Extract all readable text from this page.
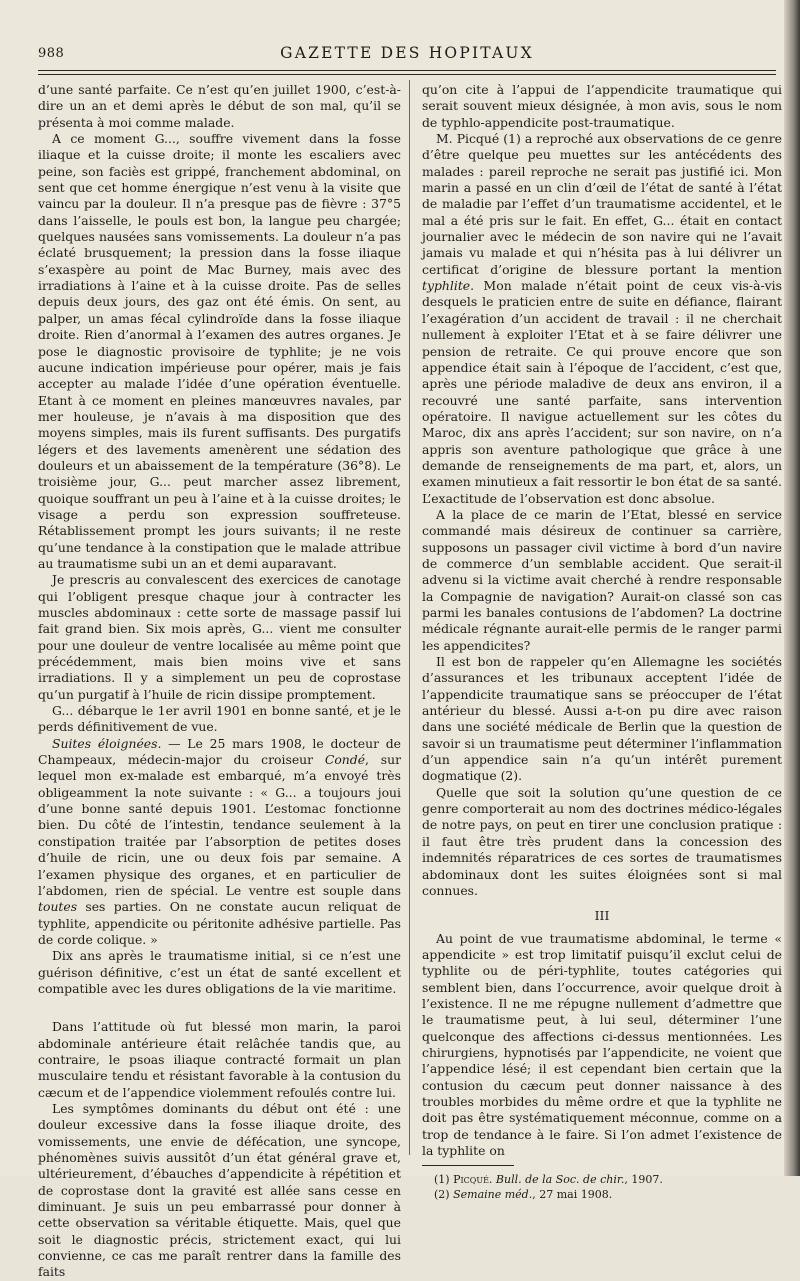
988	GAZETTE DES HOPITAUX

d’une santé parfaite. Ce n’est qu’en juillet 1900, c’est-à-dire un an et demi après le début de son mal, qu’il se présenta à moi comme malade.

A ce moment G..., souffre vivement dans la fosse iliaque et la cuisse droite; il monte les escaliers avec peine, son faciès est grippé, franchement abdominal, on sent que cet homme énergique n’est venu à la visite que vaincu par la douleur. Il n’a presque pas de fièvre : 37°5 dans l’aisselle, le pouls est bon, la langue peu chargée; quelques nausées sans vomissements. La douleur n’a pas éclaté brusquement; la pression dans la fosse iliaque s’exaspère au point de Mac Burney, mais avec des irradiations à l’aine et à la cuisse droite. Pas de selles depuis deux jours, des gaz ont été émis. On sent, au palper, un amas fécal cylindroïde dans la fosse iliaque droite. Rien d’anormal à l’examen des autres organes. Je pose le diagnostic provisoire de typhlite; je ne vois aucune indication impérieuse pour opérer, mais je fais accepter au malade l’idée d’une opération éventuelle. Etant à ce moment en pleines manœuvres navales, par mer houleuse, je n’avais à ma disposition que des moyens simples, mais ils furent suffisants. Des purgatifs légers et des lavements amenèrent une sédation des douleurs et un abaissement de la température (36°8). Le troisième jour, G... peut marcher assez librement, quoique souffrant un peu à l’aine et à la cuisse droites; le visage a perdu son expression souffreteuse. Rétablissement prompt les jours suivants; il ne reste qu’une tendance à la constipation que le malade attribue au traumatisme subi un an et demi auparavant.

Je prescris au convalescent des exercices de canotage qui l’obligent presque chaque jour à contracter les muscles abdominaux : cette sorte de massage passif lui fait grand bien. Six mois après, G... vient me consulter pour une douleur de ventre localisée au même point que précédemment, mais bien moins vive et sans irradiations. Il y a simplement un peu de coprostase qu’un purgatif à l’huile de ricin dissipe promptement.

G... débarque le 1er avril 1901 en bonne santé, et je le perds définitivement de vue.

Suites éloignées. — Le 25 mars 1908, le docteur de Champeaux, médecin-major du croiseur Condé, sur lequel mon ex-malade est embarqué, m’a envoyé très obligeamment la note suivante : « G... a toujours joui d’une bonne santé depuis 1901. L’estomac fonctionne bien. Du côté de l’intestin, tendance seulement à la constipation traitée par l’absorption de petites doses d’huile de ricin, une ou deux fois par semaine. A l’examen physique des organes, et en particulier de l’abdomen, rien de spécial. Le ventre est souple dans toutes ses parties. On ne constate aucun reliquat de typhlite, appendicite ou péritonite adhésive partielle. Pas de corde colique. »

Dix ans après le traumatisme initial, si ce n’est une guérison définitive, c’est un état de santé excellent et compatible avec les dures obligations de la vie maritime.

Dans l’attitude où fut blessé mon marin, la paroi abdominale antérieure était relâchée tandis que, au contraire, le psoas iliaque contracté formait un plan musculaire tendu et résistant favorable à la contusion du cæcum et de l’appendice violemment refoulés contre lui.

Les symptômes dominants du début ont été : une douleur excessive dans la fosse iliaque droite, des vomissements, une envie de défécation, une syncope, phénomènes suivis aussitôt d’un état général grave et, ultérieurement, d’ébauches d’appendicite à répétition et de coprostase dont la gravité est allée sans cesse en diminuant. Je suis un peu embarrassé pour donner à cette observation sa véritable étiquette. Mais, quel que soit le diagnostic précis, strictement exact, qui lui convienne, ce cas me paraît rentrer dans la famille des faits

qu’on cite à l’appui de l’appendicite traumatique qui serait souvent mieux désignée, à mon avis, sous le nom de typhlo-appendicite post-traumatique.

M. Picqué (1) a reproché aux observations de ce genre d’être quelque peu muettes sur les antécédents des malades : pareil reproche ne serait pas justifié ici. Mon marin a passé en un clin d’œil de l’état de santé à l’état de maladie par l’effet d’un traumatisme accidentel, et le mal a été pris sur le fait. En effet, G... était en contact journalier avec le médecin de son navire qui ne l’avait jamais vu malade et qui n’hésita pas à lui délivrer un certificat d’origine de blessure portant la mention typhlite. Mon malade n’était point de ceux vis-à-vis desquels le praticien entre de suite en défiance, flairant l’exagération d’un accident de travail : il ne cherchait nullement à exploiter l’Etat et à se faire délivrer une pension de retraite. Ce qui prouve encore que son appendice était sain à l’époque de l’accident, c’est que, après une période maladive de deux ans environ, il a recouvré une santé parfaite, sans intervention opératoire. Il navigue actuellement sur les côtes du Maroc, dix ans après l’accident; sur son navire, on n’a appris son aventure pathologique que grâce à une demande de renseignements de ma part, et, alors, un examen minutieux a fait ressortir le bon état de sa santé. L’exactitude de l’observation est donc absolue.

A la place de ce marin de l’Etat, blessé en service commandé mais désireux de continuer sa carrière, supposons un passager civil victime à bord d’un navire de commerce d’un semblable accident. Que serait-il advenu si la victime avait cherché à rendre responsable la Compagnie de navigation? Aurait-on classé son cas parmi les banales contusions de l’abdomen? La doctrine médicale régnante aurait-elle permis de le ranger parmi les appendicites?

Il est bon de rappeler qu’en Allemagne les sociétés d’assurances et les tribunaux acceptent l’idée de l’appendicite traumatique sans se préoccuper de l’état antérieur du blessé. Aussi a-t-on pu dire avec raison dans une société médicale de Berlin que la question de savoir si un traumatisme peut déterminer l’inflammation d’un appendice sain n’a qu’un intérêt purement dogmatique (2).

Quelle que soit la solution qu’une question de ce genre comporterait au nom des doctrines médico-légales de notre pays, on peut en tirer une conclusion pratique : il faut être très prudent dans la concession des indemnités réparatrices de ces sortes de traumatismes abdominaux dont les suites éloignées sont si mal connues.

III

Au point de vue traumatisme abdominal, le terme « appendicite » est trop limitatif puisqu’il exclut celui de typhlite ou de péri-typhlite, toutes catégories qui semblent bien, dans l’occurrence, avoir quelque droit à l’existence. Il ne me répugne nullement d’admettre que le traumatisme peut, à lui seul, déterminer l’une quelconque des affections ci-dessus mentionnées. Les chirurgiens, hypnotisés par l’appendicite, ne voient que l’appendice lésé; il est cependant bien certain que la contusion du cæcum peut donner naissance à des troubles morbides du même ordre et que la typhlite ne doit pas être systématiquement méconnue, comme on a trop de tendance à le faire. Si l’on admet l’existence de la typhlite on

(1) Picqué. Bull. de la Soc. de chir., 1907.
(2) Semaine méd., 27 mai 1908.
